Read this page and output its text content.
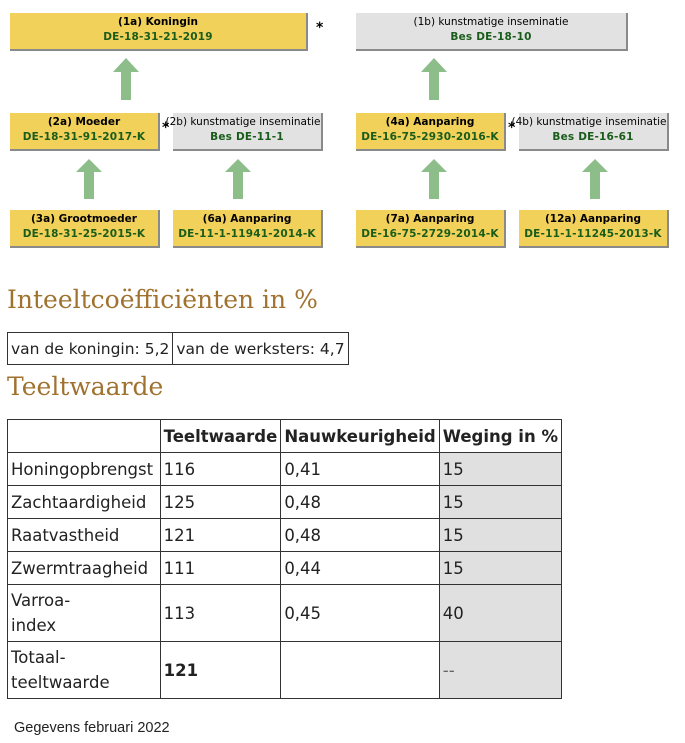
(1a) Koningin
DE-18-31-21-2019
*	(1b) kunstmatige inseminatie
Bes DE-18-10
(2a) Moeder
DE-18-31-91-2017-K
*
(2b) kunstmatige inseminatie
Bes DE-11-1
(4a) Aanparing
DE-16-75-2930-2016-K
*
(4b) kunstmatige inseminatie
Bes DE-16-61
(3a) Grootmoeder
DE-18-31-25-2015-K
(6a) Aanparing
DE-11-1-11941-2014-K
(7a) Aanparing
DE-16-75-2729-2014-K
(12a) Aanparing
DE-11-1-11245-2013-K
Inteeltcoëfficiënten in %
van de koningin: 5,2	van de werksters: 4,7
Teeltwaarde
	Teeltwaarde	Nauwkeurigheid	Weging in %
Honingopbrengst	116	0,41	15
Zachtaardigheid	125	0,48	15
Raatvastheid	121	0,48	15
Zwermtraagheid	111	0,44	15
Varroa-
index	113	0,45	40
Totaal-
teeltwaarde	121		--
Gegevens februari 2022
